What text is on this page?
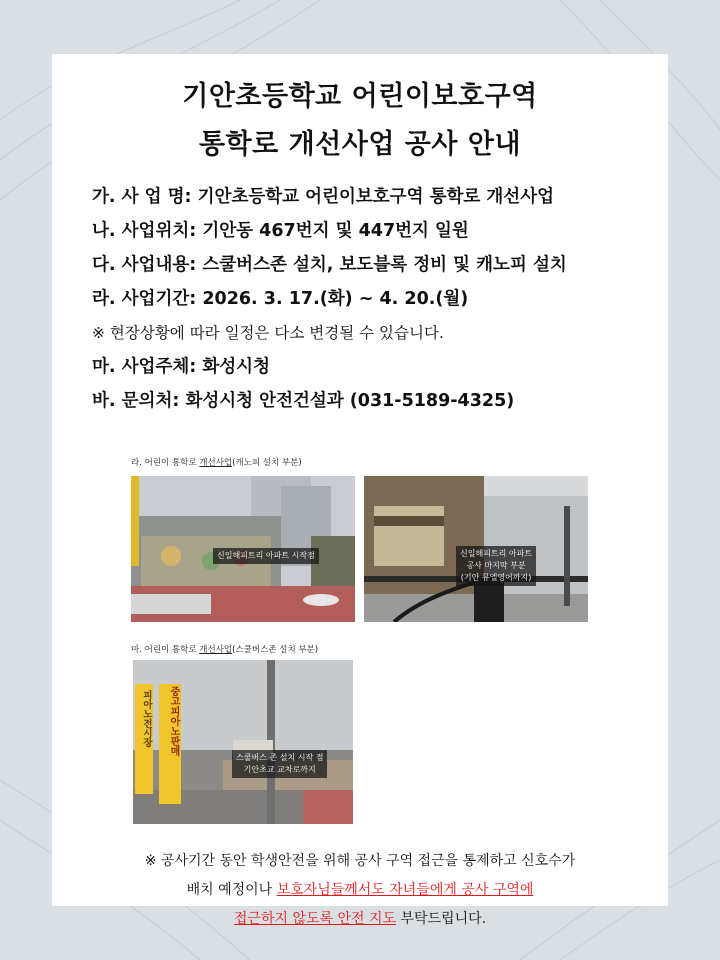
기안초등학교 어린이보호구역
통학로 개선사업 공사 안내
가. 사 업 명: 기안초등학교 어린이보호구역 통학로 개선사업
나. 사업위치: 기안동 467번지 및 447번지 일원
다. 사업내용: 스쿨버스존 설치, 보도블록 정비 및 캐노피 설치
라. 사업기간: 2026. 3. 17.(화) ~ 4. 20.(월)
※ 현장상황에 따라 일정은 다소 변경될 수 있습니다.
마. 사업주체: 화성시청
바. 문의처: 화성시청 안전건설과 (031-5189-4325)
라. 어린이 통학로 개선사업(캐노피 설치 부분)
신일해피트리 아파트 시작점	신일해피트리 아파트
공사 마지막 부분
(기안 뮤엘영어까지)
마. 어린이 통학로 개선사업(스쿨버스존 설치 부분)
피아노전시장	중고피아노판매
스쿨버스 존 설치 시작 점
기안초교 교차로까지
※ 공사기간 동안 학생안전을 위해 공사 구역 접근을 통제하고 신호수가
배치 예정이나 보호자님들께서도 자녀들에게 공사 구역에
접근하지 않도록 안전 지도 부탁드립니다.
